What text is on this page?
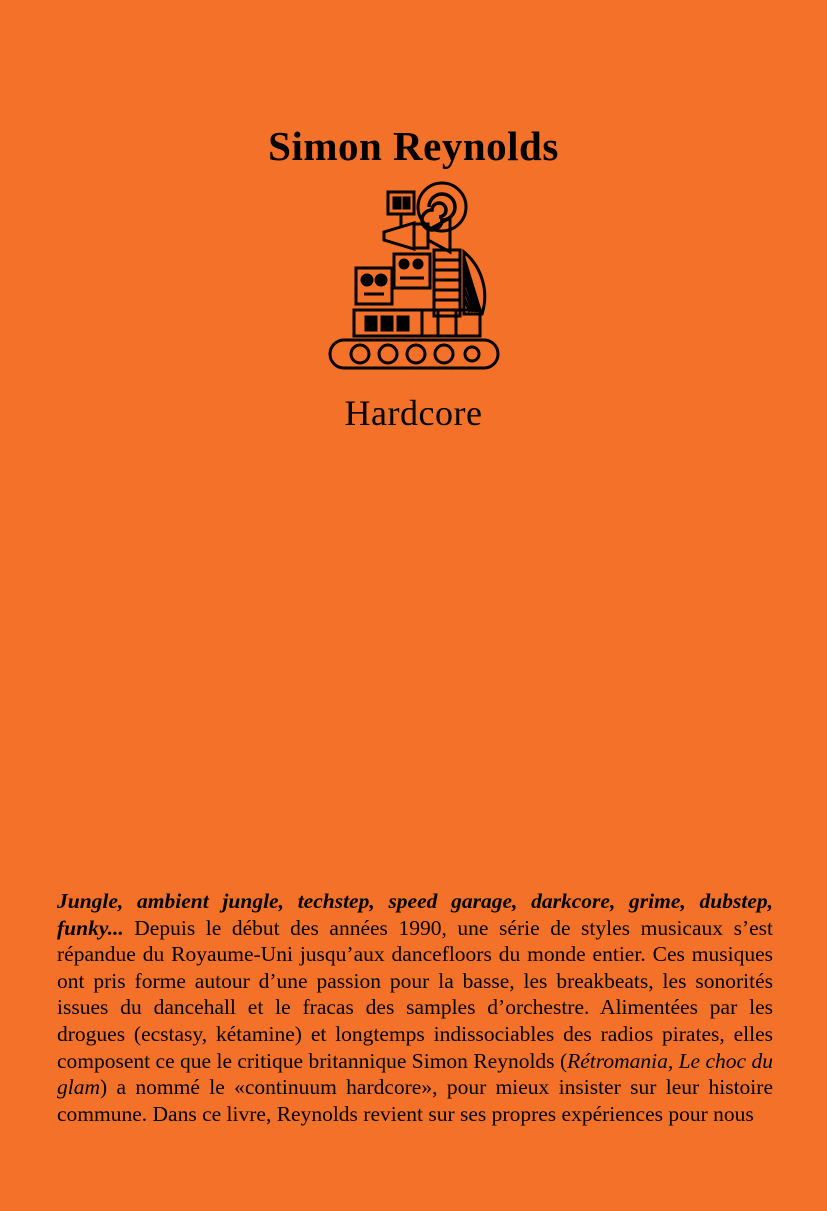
Simon Reynolds
Hardcore
Jungle, ambient jungle, techstep, speed garage, darkcore, grime, dubstep, funky... Depuis le début des années 1990, une série de styles musicaux s’est répandue du Royaume-Uni jusqu’aux dancefloors du monde entier. Ces musiques ont pris forme autour d’une passion pour la basse, les breakbeats, les sonorités issues du dancehall et le fracas des samples d’orchestre. Alimentées par les drogues (ecstasy, kétamine) et longtemps indissociables des radios pirates, elles composent ce que le critique britannique Simon Reynolds (Rétromania, Le choc du glam) a nommé le «continuum hardcore», pour mieux insister sur leur histoire commune. Dans ce livre, Reynolds revient sur ses propres expériences pour nous
